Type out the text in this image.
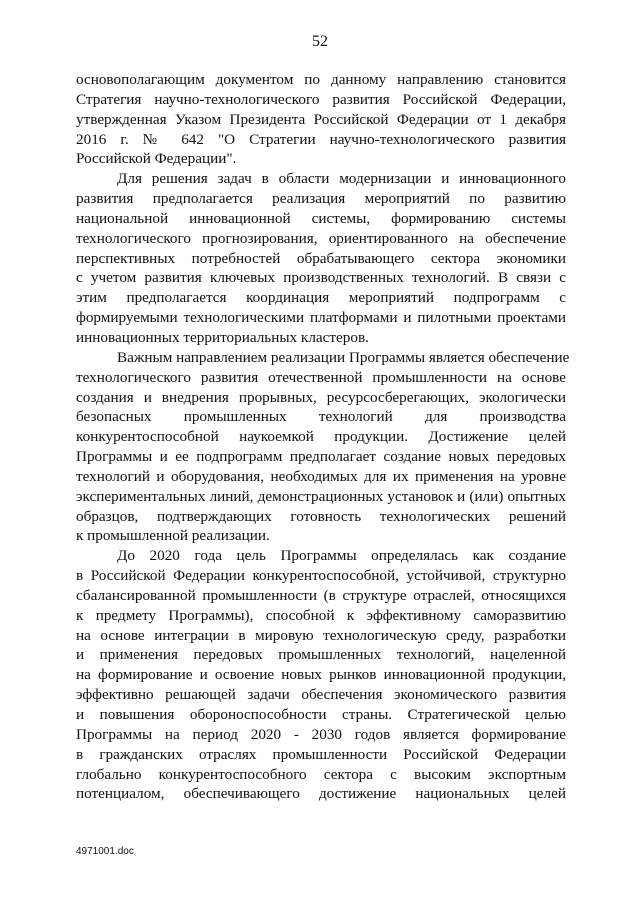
52
основополагающим документом по данному направлению становится
Стратегия научно-технологического развития Российской Федерации,
утвержденная Указом Президента Российской Федерации от 1 декабря
2016 г. № 642 "О Стратегии научно-технологического развития
Российской Федерации".
Для решения задач в области модернизации и инновационного
развития предполагается реализация мероприятий по развитию
национальной инновационной системы, формированию системы
технологического прогнозирования, ориентированного на обеспечение
перспективных потребностей обрабатывающего сектора экономики
с учетом развития ключевых производственных технологий. В связи с
этим предполагается координация мероприятий подпрограмм с
формируемыми технологическими платформами и пилотными проектами
инновационных территориальных кластеров.
Важным направлением реализации Программы является обеспечение
технологического развития отечественной промышленности на основе
создания и внедрения прорывных, ресурсосберегающих, экологически
безопасных промышленных технологий для производства
конкурентоспособной наукоемкой продукции. Достижение целей
Программы и ее подпрограмм предполагает создание новых передовых
технологий и оборудования, необходимых для их применения на уровне
экспериментальных линий, демонстрационных установок и (или) опытных
образцов, подтверждающих готовность технологических решений
к промышленной реализации.
До 2020 года цель Программы определялась как создание
в Российской Федерации конкурентоспособной, устойчивой, структурно
сбалансированной промышленности (в структуре отраслей, относящихся
к предмету Программы), способной к эффективному саморазвитию
на основе интеграции в мировую технологическую среду, разработки
и применения передовых промышленных технологий, нацеленной
на формирование и освоение новых рынков инновационной продукции,
эффективно решающей задачи обеспечения экономического развития
и повышения обороноспособности страны. Стратегической целью
Программы на период 2020 - 2030 годов является формирование
в гражданских отраслях промышленности Российской Федерации
глобально конкурентоспособного сектора с высоким экспортным
потенциалом, обеспечивающего достижение национальных целей
4971001.doc
